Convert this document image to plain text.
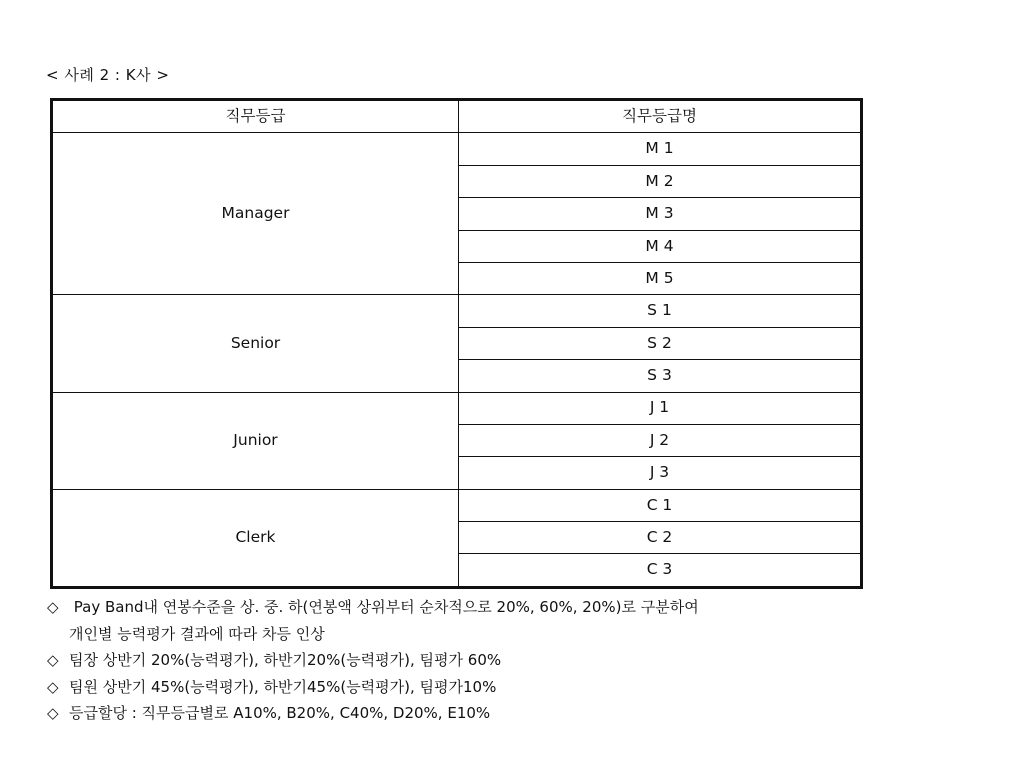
< 사례 2 : K사 >
직무등급	직무등급명
Manager	M 1
	M 2
	M 3
	M 4
	M 5
Senior	S 1
	S 2
	S 3
Junior	J 1
	J 2
	J 3
Clerk	C 1
	C 2
	C 3
◇ Pay Band내 연봉수준을 상. 중. 하(연봉액 상위부터 순차적으로 20%, 60%, 20%)로 구분하여
개인별 능력평가 결과에 따라 차등 인상
◇ 팀장 상반기 20%(능력평가), 하반기20%(능력평가), 팀평가 60%
◇ 팀원 상반기 45%(능력평가), 하반기45%(능력평가), 팀평가10%
◇ 등급할당 : 직무등급별로 A10%, B20%, C40%, D20%, E10%
